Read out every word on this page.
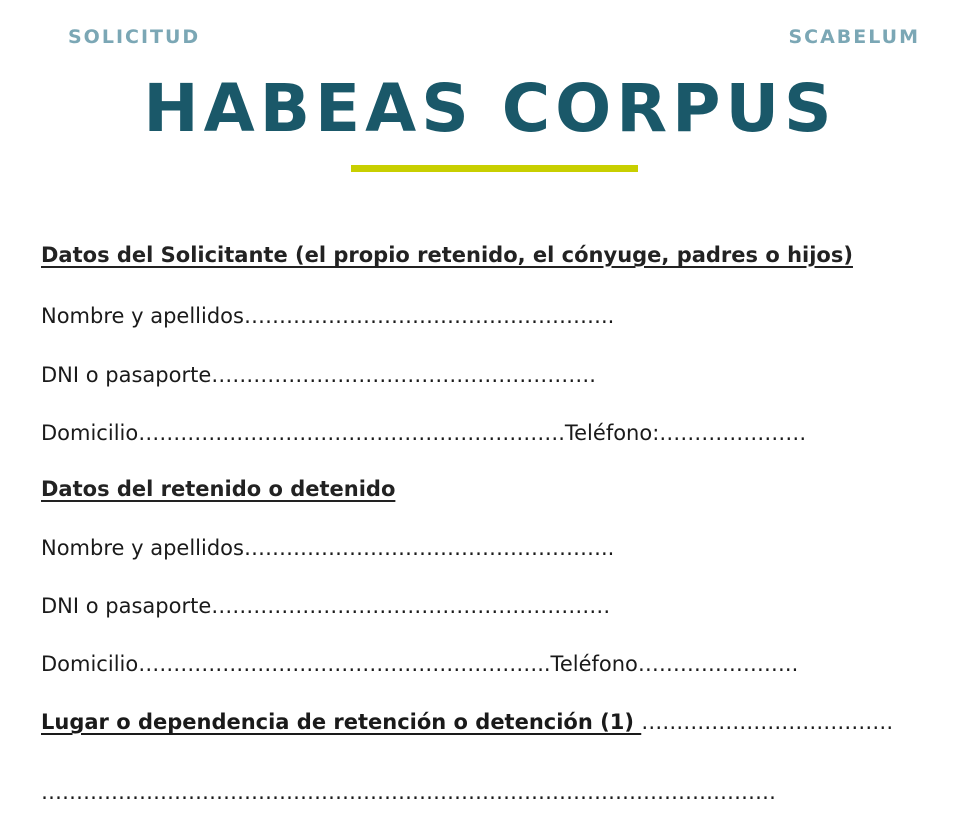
SOLICITUD	SCABELUM
HABEAS CORPUS
Datos del Solicitante (el propio retenido, el cónyuge, padres o hijos)
Nombre y apellidos……………………………………………..
DNI o pasaporte……………………………………………….
Domicilio…………………………………………………….Teléfono:…………………
Datos del retenido o detenido
Nombre y apellidos……………………………………………..
DNI o pasaporte…………………………………………………
Domicilio…………………………………………………..Teléfono…………………..
Lugar o dependencia de retención o detención (1) ………………………………
……………………………………………………………………………………………
